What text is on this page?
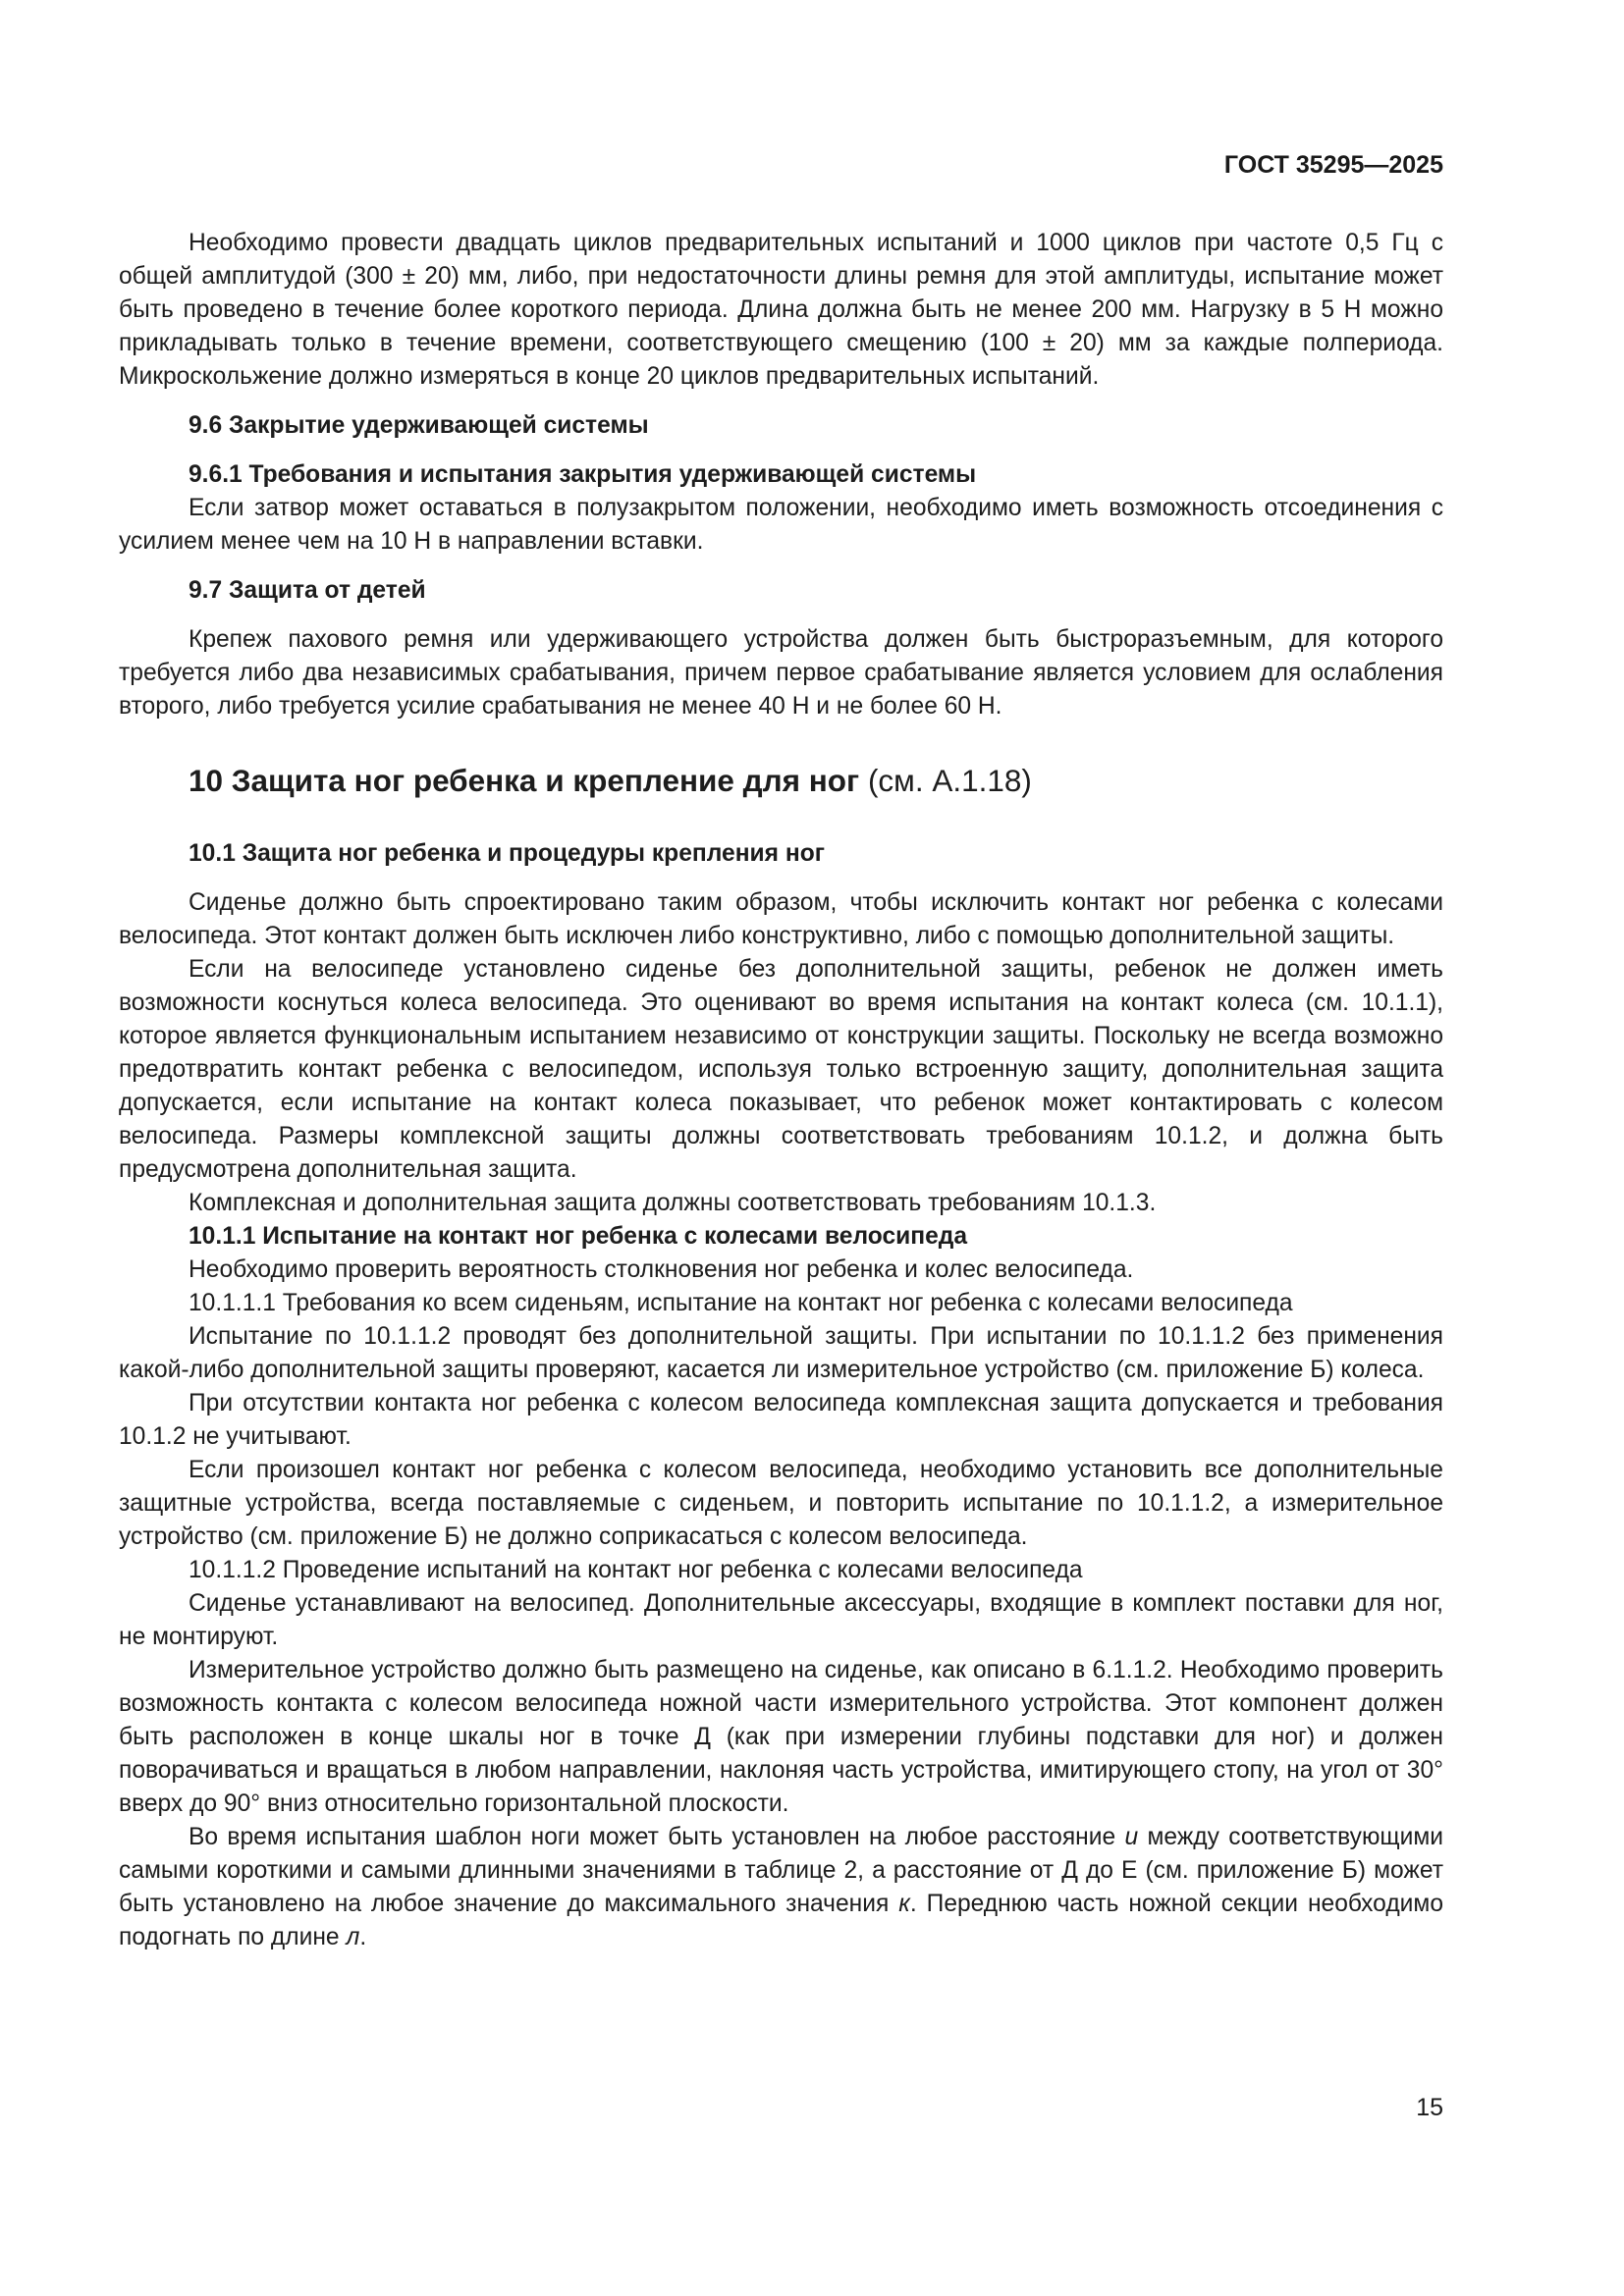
ГОСТ 35295—2025

Необходимо провести двадцать циклов предварительных испытаний и 1000 циклов при частоте 0,5 Гц с общей амплитудой (300 ± 20) мм, либо, при недостаточности длины ремня для этой амплитуды, испытание может быть проведено в течение более короткого периода. Длина должна быть не менее 200 мм. Нагрузку в 5 Н можно прикладывать только в течение времени, соответствующего смещению (100 ± 20) мм за каждые полпериода. Микроскольжение должно измеряться в конце 20 циклов предварительных испытаний.

9.6 Закрытие удерживающей системы

9.6.1 Требования и испытания закрытия удерживающей системы

Если затвор может оставаться в полузакрытом положении, необходимо иметь возможность отсоединения с усилием менее чем на 10 Н в направлении вставки.

9.7 Защита от детей

Крепеж пахового ремня или удерживающего устройства должен быть быстроразъемным, для которого требуется либо два независимых срабатывания, причем первое срабатывание является условием для ослабления второго, либо требуется усилие срабатывания не менее 40 Н и не более 60 Н.

10 Защита ног ребенка и крепление для ног (см. А.1.18)

10.1 Защита ног ребенка и процедуры крепления ног

Сиденье должно быть спроектировано таким образом, чтобы исключить контакт ног ребенка с колесами велосипеда. Этот контакт должен быть исключен либо конструктивно, либо с помощью дополнительной защиты.

Если на велосипеде установлено сиденье без дополнительной защиты, ребенок не должен иметь возможности коснуться колеса велосипеда. Это оценивают во время испытания на контакт колеса (см. 10.1.1), которое является функциональным испытанием независимо от конструкции защиты. Поскольку не всегда возможно предотвратить контакт ребенка с велосипедом, используя только встроенную защиту, дополнительная защита допускается, если испытание на контакт колеса показывает, что ребенок может контактировать с колесом велосипеда. Размеры комплексной защиты должны соответствовать требованиям 10.1.2, и должна быть предусмотрена дополнительная защита.

Комплексная и дополнительная защита должны соответствовать требованиям 10.1.3.

10.1.1 Испытание на контакт ног ребенка с колесами велосипеда

Необходимо проверить вероятность столкновения ног ребенка и колес велосипеда.

10.1.1.1 Требования ко всем сиденьям, испытание на контакт ног ребенка с колесами велосипеда

Испытание по 10.1.1.2 проводят без дополнительной защиты. При испытании по 10.1.1.2 без применения какой-либо дополнительной защиты проверяют, касается ли измерительное устройство (см. приложение Б) колеса.

При отсутствии контакта ног ребенка с колесом велосипеда комплексная защита допускается и требования 10.1.2 не учитывают.

Если произошел контакт ног ребенка с колесом велосипеда, необходимо установить все дополнительные защитные устройства, всегда поставляемые с сиденьем, и повторить испытание по 10.1.1.2, а измерительное устройство (см. приложение Б) не должно соприкасаться с колесом велосипеда.

10.1.1.2 Проведение испытаний на контакт ног ребенка с колесами велосипеда

Сиденье устанавливают на велосипед. Дополнительные аксессуары, входящие в комплект поставки для ног, не монтируют.

Измерительное устройство должно быть размещено на сиденье, как описано в 6.1.1.2. Необходимо проверить возможность контакта с колесом велосипеда ножной части измерительного устройства. Этот компонент должен быть расположен в конце шкалы ног в точке Д (как при измерении глубины подставки для ног) и должен поворачиваться и вращаться в любом направлении, наклоняя часть устройства, имитирующего стопу, на угол от 30° вверх до 90° вниз относительно горизонтальной плоскости.

Во время испытания шаблон ноги может быть установлен на любое расстояние u между соответствующими самыми короткими и самыми длинными значениями в таблице 2, а расстояние от Д до Е (см. приложение Б) может быть установлено на любое значение до максимального значения к. Переднюю часть ножной секции необходимо подогнать по длине л.

15
